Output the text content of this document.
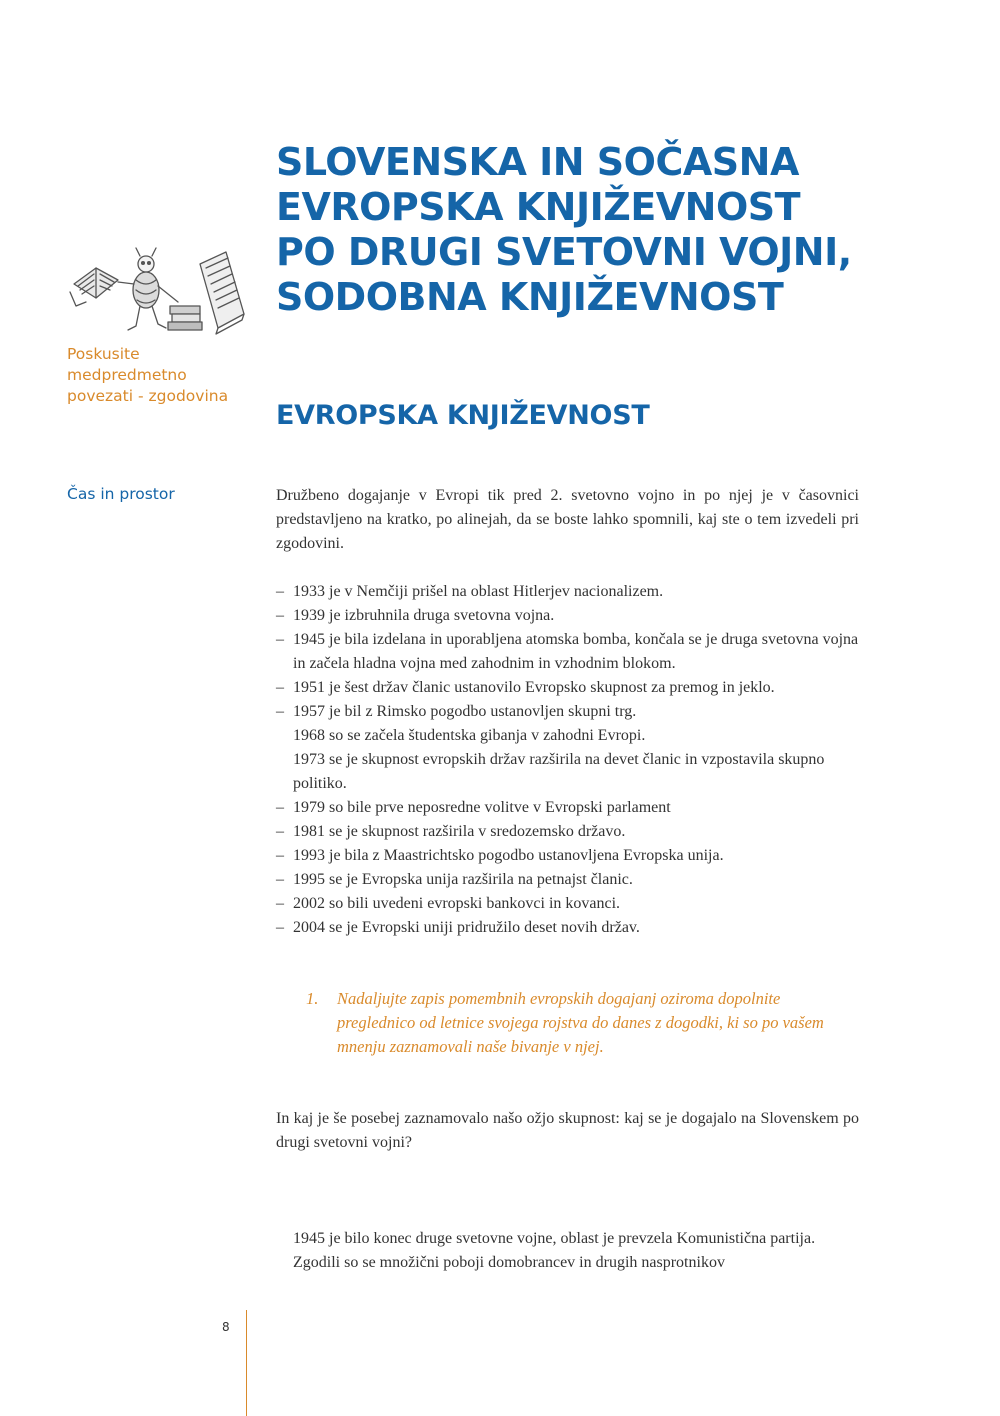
SLOVENSKA IN SOČASNA
EVROPSKA KNJIŽEVNOST
PO DRUGI SVETOVNI VOJNI,
SODOBNA KNJIŽEVNOST
Poskusite
medpredmetno
povezati - zgodovina
EVROPSKA KNJIŽEVNOST
Čas in prostor	Družbeno dogajanje v Evropi tik pred 2. svetovno vojno in po njej je v časovnici predstavljeno na kratko, po alinejah, da se boste lahko spomnili, kaj ste o tem izvedeli pri zgodovini.

– 1933 je v Nemčiji prišel na oblast Hitlerjev nacionalizem.
– 1939 je izbruhnila druga svetovna vojna.
– 1945 je bila izdelana in uporabljena atomska bomba, končala se je druga svetovna vojna in začela hladna vojna med zahodnim in vzhodnim blokom.
– 1951 je šest držav članic ustanovilo Evropsko skupnost za premog in jeklo.
– 1957 je bil z Rimsko pogodbo ustanovljen skupni trg.
1968 so se začela študentska gibanja v zahodni Evropi.
1973 se je skupnost evropskih držav razširila na devet članic in vzpostavila skupno politiko.
– 1979 so bile prve neposredne volitve v Evropski parlament
– 1981 se je skupnost razširila v sredozemsko državo.
– 1993 je bila z Maastrichtsko pogodbo ustanovljena Evropska unija.
– 1995 se je Evropska unija razširila na petnajst članic.
– 2002 so bili uvedeni evropski bankovci in kovanci.
– 2004 se je Evropski uniji pridružilo deset novih držav.

1.	Nadaljujte zapis pomembnih evropskih dogajanj oziroma dopolnite preglednico od letnice svojega rojstva do danes z dogodki, ki so po vašem mnenju zaznamovali naše bivanje v njej.

In kaj je še posebej zaznamovalo našo ožjo skupnost: kaj se je dogajalo na Slovenskem po drugi svetovni vojni?

1945 je bilo konec druge svetovne vojne, oblast je prevzela Komunistična partija. Zgodili so se množični poboji domobrancev in drugih nasprotnikov

8
